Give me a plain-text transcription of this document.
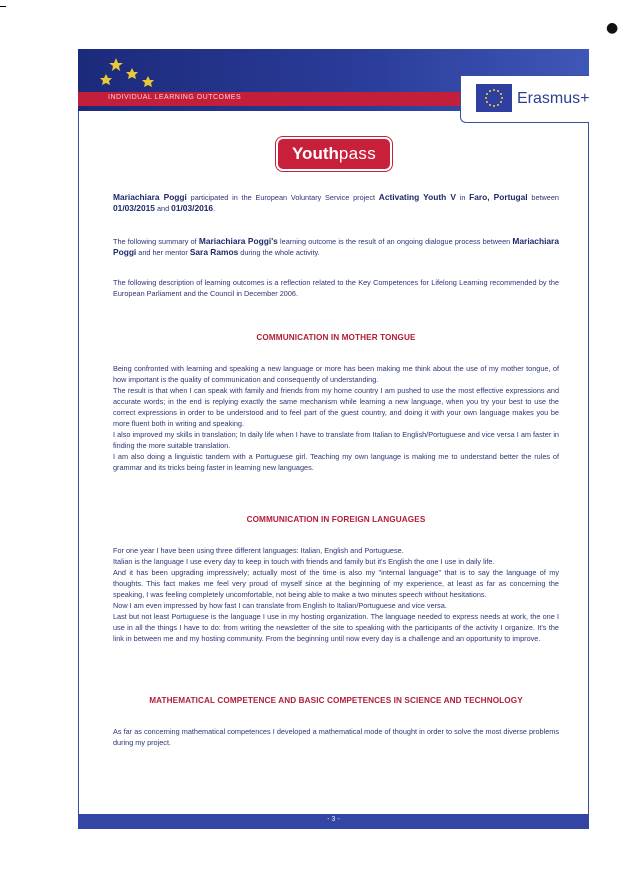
●
INDIVIDUAL LEARNING OUTCOMES	Erasmus+
Youthpass
Mariachiara Poggi participated in the European Voluntary Service project Activating Youth V in Faro, Portugal between 01/03/2015 and 01/03/2016.
The following summary of Mariachiara Poggi's learning outcome is the result of an ongoing dialogue process between Mariachiara Poggi and her mentor Sara Ramos during the whole activity.
The following description of learning outcomes is a reflection related to the Key Competences for Lifelong Learning recommended by the European Parliament and the Council in December 2006.
COMMUNICATION IN MOTHER TONGUE

Being confronted with learning and speaking a new language or more has been making me think about the use of my mother tongue, of how important is the quality of communication and consequently of understanding.

The result is that when I can speak with family and friends from my home country I am pushed to use the most effective expressions and accurate words; in the end is replying exactly the same mechanism while learning a new language, when you try your best to use the correct expressions in order to be understood and to feel part of the guest country, and doing it with your own language makes you be more fluent both in writing and speaking.

I also improved my skills in translation; In daily life when I have to translate from Italian to English/Portuguese and vice versa I am faster in finding the more suitable translation.

I am also doing a linguistic tandem with a Portuguese girl. Teaching my own language is making me to understand better the rules of grammar and its tricks being faster in learning new languages.

COMMUNICATION IN FOREIGN LANGUAGES

For one year I have been using three different languages: Italian, English and Portuguese.

Italian is the language I use every day to keep in touch with friends and family but it's English the one I use in daily life.

And it has been upgrading impressively; actually most of the time is also my "internal language" that is to say the language of my thoughts. This fact makes me feel very proud of myself since at the beginning of my experience, at least as far as concerning the speaking, I was feeling completely uncomfortable, not being able to make a two minutes speech without hesitations.

Now I am even impressed by how fast I can translate from English to Italian/Portuguese and vice versa.

Last but not least Portuguese is the language I use in my hosting organization. The language needed to express needs at work, the one I use in all the things I have to do: from writing the newsletter of the site to speaking with the participants of the activity I organize. It's the link in between me and my hosting community. From the beginning until now every day is a challenge and an opportunity to improve.

MATHEMATICAL COMPETENCE AND BASIC COMPETENCES IN SCIENCE AND TECHNOLOGY

As far as concerning mathematical competences I developed a mathematical mode of thought in order to solve the most diverse problems during my project.

- 3 -
